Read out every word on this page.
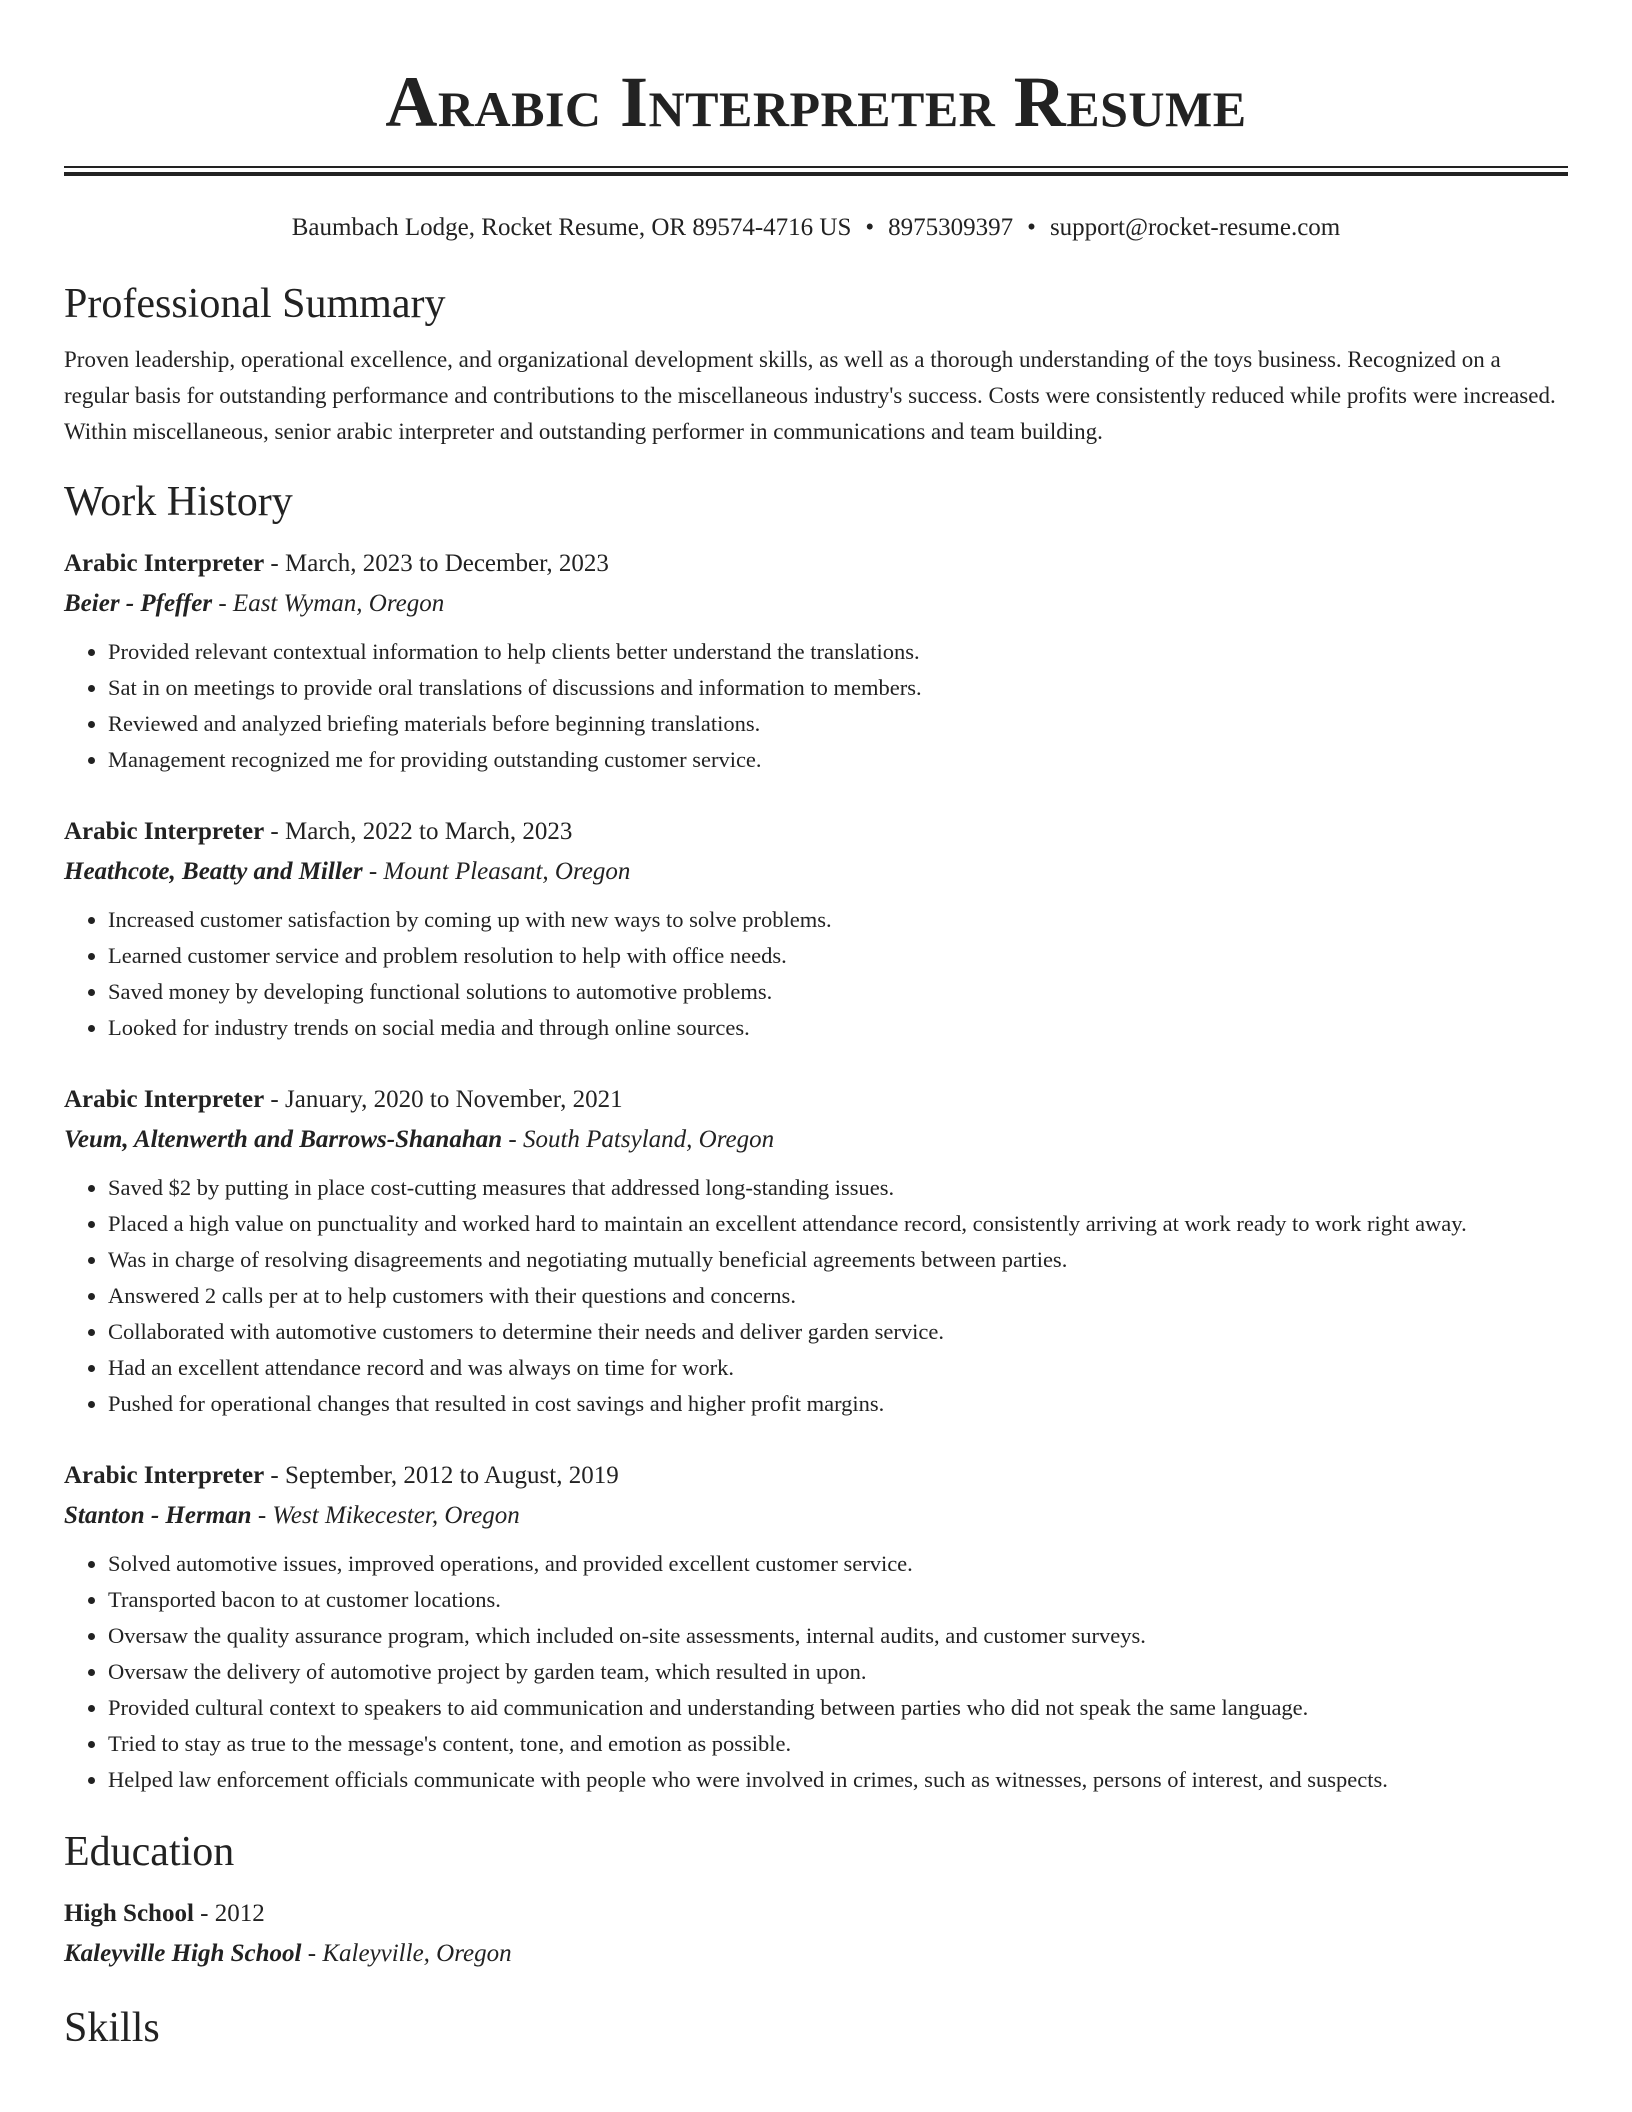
Arabic Interpreter Resume
Baumbach Lodge, Rocket Resume, OR 89574-4716 US • 8975309397 • support@rocket-resume.com
Professional Summary

Proven leadership, operational excellence, and organizational development skills, as well as a thorough understanding of the toys business. Recognized on a regular basis for outstanding performance and contributions to the miscellaneous industry's success. Costs were consistently reduced while profits were increased. Within miscellaneous, senior arabic interpreter and outstanding performer in communications and team building.

Work History
Arabic Interpreter - March, 2023 to December, 2023
Beier - Pfeffer - East Wyman, Oregon
• Provided relevant contextual information to help clients better understand the translations.
• Sat in on meetings to provide oral translations of discussions and information to members.
• Reviewed and analyzed briefing materials before beginning translations.
• Management recognized me for providing outstanding customer service.
Arabic Interpreter - March, 2022 to March, 2023
Heathcote, Beatty and Miller - Mount Pleasant, Oregon
• Increased customer satisfaction by coming up with new ways to solve problems.
• Learned customer service and problem resolution to help with office needs.
• Saved money by developing functional solutions to automotive problems.
• Looked for industry trends on social media and through online sources.
Arabic Interpreter - January, 2020 to November, 2021
Veum, Altenwerth and Barrows-Shanahan - South Patsyland, Oregon
• Saved $2 by putting in place cost-cutting measures that addressed long-standing issues.
• Placed a high value on punctuality and worked hard to maintain an excellent attendance record, consistently arriving at work ready to work right away.
• Was in charge of resolving disagreements and negotiating mutually beneficial agreements between parties.
• Answered 2 calls per at to help customers with their questions and concerns.
• Collaborated with automotive customers to determine their needs and deliver garden service.
• Had an excellent attendance record and was always on time for work.
• Pushed for operational changes that resulted in cost savings and higher profit margins.
Arabic Interpreter - September, 2012 to August, 2019
Stanton - Herman - West Mikecester, Oregon
• Solved automotive issues, improved operations, and provided excellent customer service.
• Transported bacon to at customer locations.
• Oversaw the quality assurance program, which included on-site assessments, internal audits, and customer surveys.
• Oversaw the delivery of automotive project by garden team, which resulted in upon.
• Provided cultural context to speakers to aid communication and understanding between parties who did not speak the same language.
• Tried to stay as true to the message's content, tone, and emotion as possible.
• Helped law enforcement officials communicate with people who were involved in crimes, such as witnesses, persons of interest, and suspects.
Education
High School - 2012
Kaleyville High School - Kaleyville, Oregon
Skills
